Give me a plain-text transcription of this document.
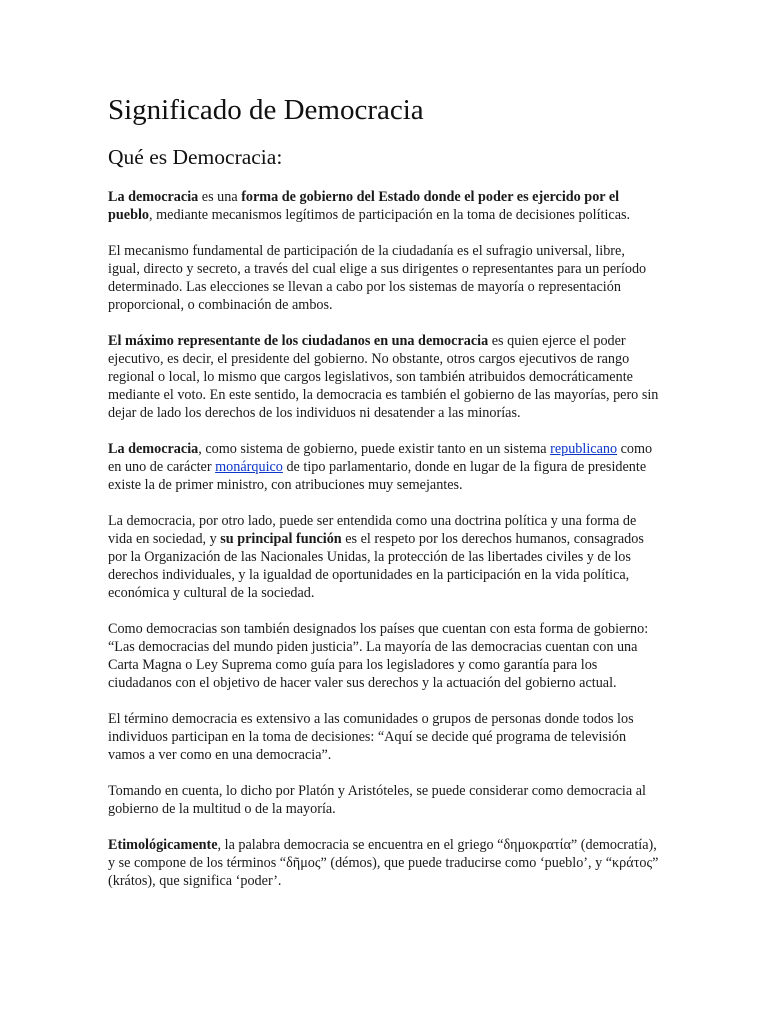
Significado de Democracia
Qué es Democracia:

La democracia es una forma de gobierno del Estado donde el poder es ejercido por el pueblo, mediante mecanismos legítimos de participación en la toma de decisiones políticas.

El mecanismo fundamental de participación de la ciudadanía es el sufragio universal, libre, igual, directo y secreto, a través del cual elige a sus dirigentes o representantes para un período determinado. Las elecciones se llevan a cabo por los sistemas de mayoría o representación proporcional, o combinación de ambos.

El máximo representante de los ciudadanos en una democracia es quien ejerce el poder ejecutivo, es decir, el presidente del gobierno. No obstante, otros cargos ejecutivos de rango regional o local, lo mismo que cargos legislativos, son también atribuidos democráticamente mediante el voto. En este sentido, la democracia es también el gobierno de las mayorías, pero sin dejar de lado los derechos de los individuos ni desatender a las minorías.

La democracia, como sistema de gobierno, puede existir tanto en un sistema republicano como en uno de carácter monárquico de tipo parlamentario, donde en lugar de la figura de presidente existe la de primer ministro, con atribuciones muy semejantes.

La democracia, por otro lado, puede ser entendida como una doctrina política y una forma de vida en sociedad, y su principal función es el respeto por los derechos humanos, consagrados por la Organización de las Nacionales Unidas, la protección de las libertades civiles y de los derechos individuales, y la igualdad de oportunidades en la participación en la vida política, económica y cultural de la sociedad.

Como democracias son también designados los países que cuentan con esta forma de gobierno: “Las democracias del mundo piden justicia”. La mayoría de las democracias cuentan con una Carta Magna o Ley Suprema como guía para los legisladores y como garantía para los ciudadanos con el objetivo de hacer valer sus derechos y la actuación del gobierno actual.

El término democracia es extensivo a las comunidades o grupos de personas donde todos los individuos participan en la toma de decisiones: “Aquí se decide qué programa de televisión vamos a ver como en una democracia”.

Tomando en cuenta, lo dicho por Platón y Aristóteles, se puede considerar como democracia al gobierno de la multitud o de la mayoría.

Etimológicamente, la palabra democracia se encuentra en el griego “δημοκρατία” (democratía), y se compone de los términos “δῆμος” (démos), que puede traducirse como ‘pueblo’, y “κράτος” (krátos), que significa ‘poder’.
